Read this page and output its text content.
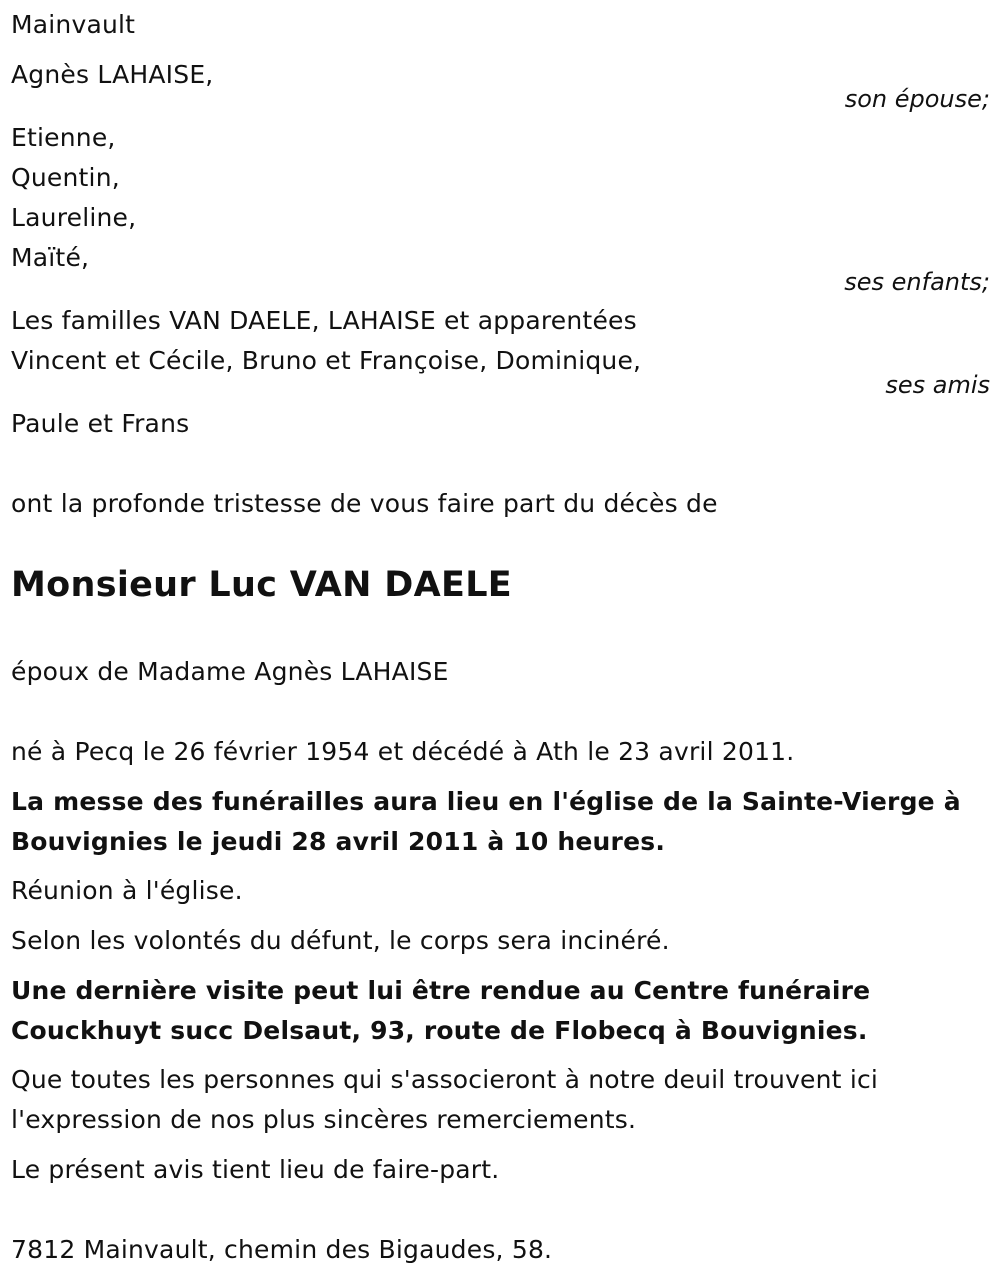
Mainvault
Agnès LAHAISE,
son épouse;
Etienne,
Quentin,
Laureline,
Maïté,
ses enfants;
Les familles VAN DAELE, LAHAISE et apparentées
Vincent et Cécile, Bruno et Françoise, Dominique,
ses amis
Paule et Frans
ont la profonde tristesse de vous faire part du décès de
Monsieur Luc VAN DAELE
époux de Madame Agnès LAHAISE
né à Pecq le 26 février 1954 et décédé à Ath le 23 avril 2011.
La messe des funérailles aura lieu en l'église de la Sainte-Vierge à
Bouvignies le jeudi 28 avril 2011 à 10 heures.
Réunion à l'église.
Selon les volontés du défunt, le corps sera incinéré.
Une dernière visite peut lui être rendue au Centre funéraire
Couckhuyt succ Delsaut, 93, route de Flobecq à Bouvignies.
Que toutes les personnes qui s'associeront à notre deuil trouvent ici
l'expression de nos plus sincères remerciements.
Le présent avis tient lieu de faire-part.
7812 Mainvault, chemin des Bigaudes, 58.
